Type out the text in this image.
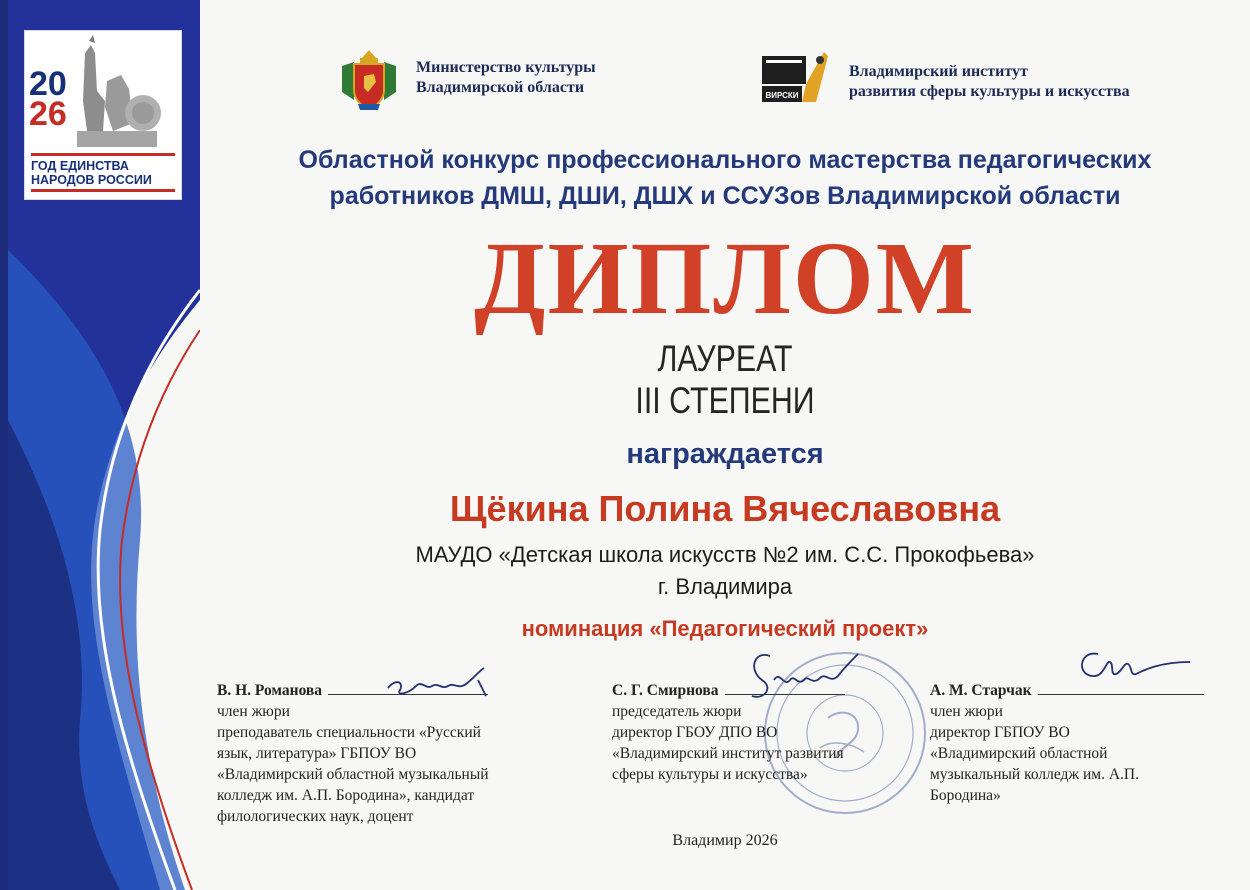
20
26
ГОД ЕДИНСТВА НАРОДОВ РОССИИ
Министерство культуры
Владимирской области	ВИРСКИ
Владимирский институт
развития сферы культуры и искусства
Областной конкурс профессионального мастерства педагогических
работников ДМШ, ДШИ, ДШХ и ССУЗов Владимирской области
ДИПЛОМ
ЛАУРЕАТ
III СТЕПЕНИ
награждается
Щёкина Полина Вячеславовна
МАУДО «Детская школа искусств №2 им. С.С. Прокофьева»
г. Владимира
номинация «Педагогический проект»
В. Н. Романова
член жюри
преподаватель специальности «Русский
язык, литература» ГБПОУ ВО
«Владимирский областной музыкальный
колледж им. А.П. Бородина», кандидат
филологических наук, доцент
С. Г. Смирнова
председатель жюри
директор ГБОУ ДПО ВО
«Владимирский институт развития
сферы культуры и искусства»
А. М. Старчак
член жюри
директор ГБПОУ ВО
«Владимирский областной
музыкальный колледж им. А.П.
Бородина»
Владимир 2026
